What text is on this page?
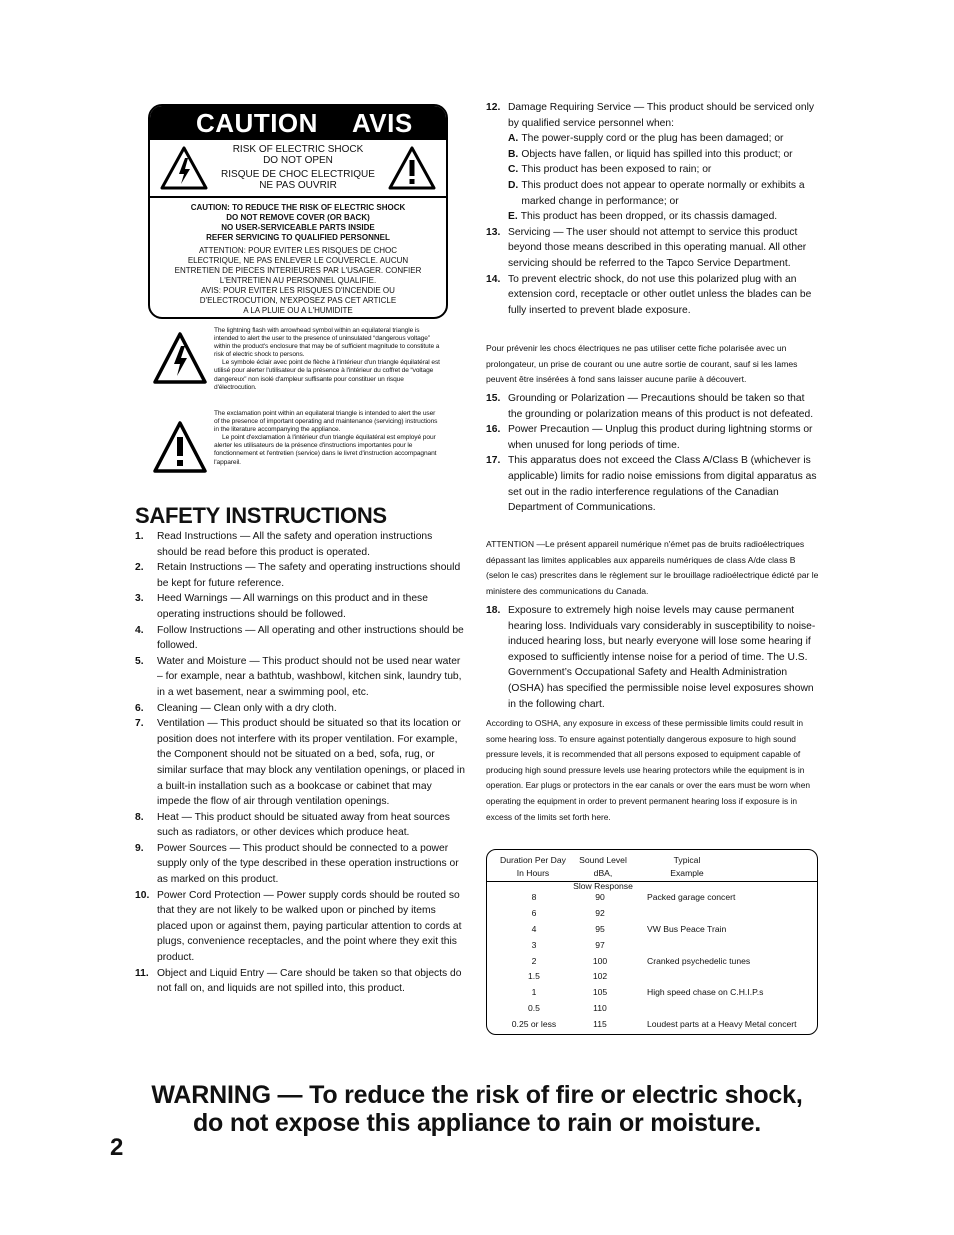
CAUTION AVIS
RISK OF ELECTRIC SHOCK
DO NOT OPEN
RISQUE DE CHOC ELECTRIQUE
NE PAS OUVRIR
CAUTION: TO REDUCE THE RISK OF ELECTRIC SHOCK
DO NOT REMOVE COVER (OR BACK)
NO USER-SERVICEABLE PARTS INSIDE
REFER SERVICING TO QUALIFIED PERSONNEL
ATTENTION: POUR EVITER LES RISQUES DE CHOC
ELECTRIQUE, NE PAS ENLEVER LE COUVERCLE. AUCUN
ENTRETIEN DE PIECES INTERIEURES PAR L'USAGER. CONFIER
L'ENTRETIEN AU PERSONNEL QUALIFIE.
AVIS: POUR EVITER LES RISQUES D'INCENDIE OU
D'ELECTROCUTION, N'EXPOSEZ PAS CET ARTICLE
A LA PLUIE OU A L'HUMIDITE
The lightning flash with arrowhead symbol within an equilateral triangle is intended to alert the user to the presence of uninsulated “dangerous voltage” within the product's enclosure that may be of sufficient magnitude to constitute a risk of electric shock to persons.
Le symbole éclair avec point de flèche à l'intérieur d'un triangle équilatéral est utilisé pour alerter l'utilisateur de la présence à l'intérieur du coffret de “voltage dangereux” non isolé d'ampleur suffisante pour constituer un risque d'électrocution.
The exclamation point within an equilateral triangle is intended to alert the user of the presence of important operating and maintenance (servicing) instructions in the literature accompanying the appliance.
Le point d'exclamation à l'intérieur d'un triangle équilatéral est employé pour alerter les utilisateurs de la présence d'instructions importantes pour le fonctionnement et l'entretien (service) dans le livret d'instruction accompagnant l'appareil.
SAFETY INSTRUCTIONS
1.	Read Instructions — All the safety and operation instructions should be read before this product is operated.
2.	Retain Instructions — The safety and operating instructions should be kept for future reference.
3.	Heed Warnings — All warnings on this product and in these operating instructions should be followed.
4.	Follow Instructions — All operating and other instructions should be followed.
5.	Water and Moisture — This product should not be used near water – for example, near a bathtub, washbowl, kitchen sink, laundry tub, in a wet basement, near a swimming pool, etc.
6.	Cleaning — Clean only with a dry cloth.
7.	Ventilation — This product should be situated so that its location or position does not interfere with its proper ventilation. For example, the Component should not be situated on a bed, sofa, rug, or similar surface that may block any ventilation openings, or placed in a built-in installation such as a bookcase or cabinet that may impede the flow of air through ventilation openings.
8.	Heat — This product should be situated away from heat sources such as radiators, or other devices which produce heat.
9.	Power Sources — This product should be connected to a power supply only of the type described in these operation instructions or as marked on this product.
10. Power Cord Protection — Power supply cords should be routed so that they are not likely to be walked upon or pinched by items placed upon or against them, paying particular attention to cords at plugs, convenience receptacles, and the point where they exit this product.
11. Object and Liquid Entry — Care should be taken so that objects do not fall on, and liquids are not spilled into, this product.
12. Damage Requiring Service — This product should be serviced only by qualified service personnel when:
A. The power-supply cord or the plug has been damaged; or
B. Objects have fallen, or liquid has spilled into this product; or
C. This product has been exposed to rain; or
D. This product does not appear to operate normally or exhibits a marked change in performance; or
E. This product has been dropped, or its chassis damaged.
13. Servicing — The user should not attempt to service this product beyond those means described in this operating manual. All other servicing should be referred to the Tapco Service Department.
14. To prevent electric shock, do not use this polarized plug with an extension cord, receptacle or other outlet unless the blades can be fully inserted to prevent blade exposure.
Pour prévenir les chocs électriques ne pas utiliser cette fiche polarisée avec un prolongateur, un prise de courant ou une autre sortie de courant, sauf si les lames peuvent être insérées à fond sans laisser aucune pariie à découvert.
15. Grounding or Polarization — Precautions should be taken so that the grounding or polarization means of this product is not defeated.
16. Power Precaution — Unplug this product during lightning storms or when unused for long periods of time.
17. This apparatus does not exceed the Class A/Class B (whichever is applicable) limits for radio noise emissions from digital apparatus as set out in the radio interference regulations of the Canadian Department of Communications.
ATTENTION —Le présent appareil numérique n'émet pas de bruits radioélectriques dépassant las limites applicables aux appareils numériques de class A/de class B (selon le cas) prescrites dans le règlement sur le brouillage radioélectrique édicté par le ministere des communications du Canada.
18. Exposure to extremely high noise levels may cause permanent hearing loss. Individuals vary considerably in susceptibility to noise-induced hearing loss, but nearly everyone will lose some hearing if exposed to sufficiently intense noise for a period of time. The U.S. Government’s Occupational Safety and Health Administration (OSHA) has specified the permissible noise level exposures shown in the following chart.
According to OSHA, any exposure in excess of these permissible limits could result in some hearing loss. To ensure against potentially dangerous exposure to high sound pressure levels, it is recommended that all persons exposed to equipment capable of producing high sound pressure levels use hearing protectors while the equipment is in operation. Ear plugs or protectors in the ear canals or over the ears must be worn when operating the equipment in order to prevent permanent hearing loss if exposure is in excess of the limits set forth here.
Duration Per Day
In Hours
Sound Level dBA,
Slow Response
Typical
Example
8	90	Packed garage concert
6	92
4	95	VW Bus Peace Train
3	97
2	100	Cranked psychedelic tunes
1.5	102
1	105	High speed chase on C.H.I.P.s
0.5	110
0.25 or less	115	Loudest parts at a Heavy Metal concert
WARNING — To reduce the risk of fire or electric shock,
do not expose this appliance to rain or moisture.
2
